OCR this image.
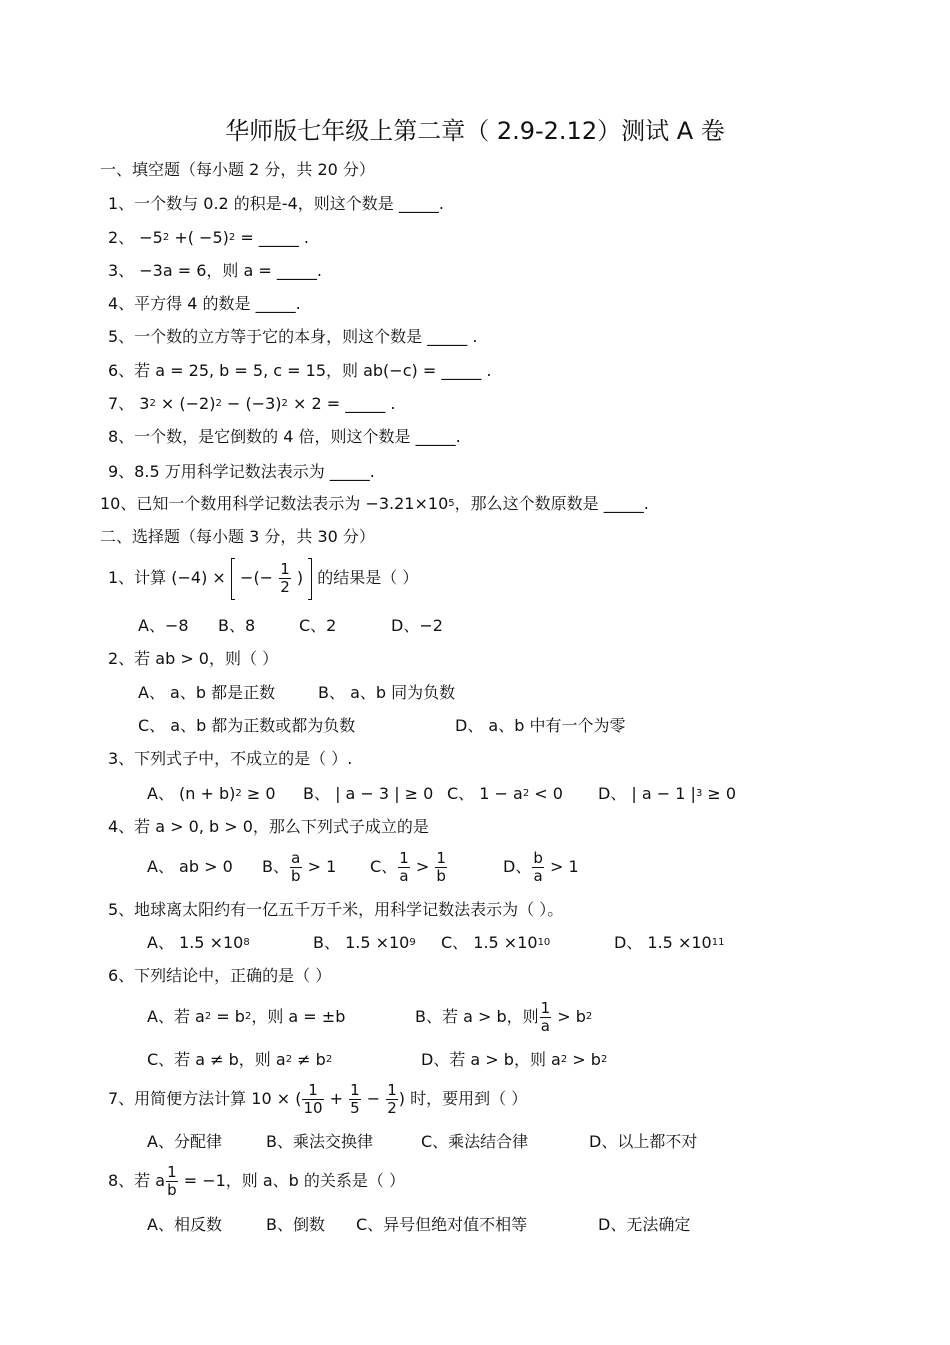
华师版七年级上第二章（ 2.9-2.12）测试 A 卷
一、填空题（每小题 2 分，共 20 分）
1、一个数与 0.2 的积是-4，则这个数是 _____.
2、 $-5^2$ +( −5)$^2$ = _____ .
3、 −3a = 6，则 a = _____.
4、平方得 4 的数是 _____.
5、一个数的立方等于它的本身，则这个数是 _____ .
6、若 a = 25, b = 5, c = 15，则 ab(−c) = _____ .
7、 $3^2 \times (-2)^2 - (-3)^2 \times 2$ = _____ .
8、一个数，是它倒数的 4 倍，则这个数是 _____.
9、8.5 万用科学记数法表示为 _____.
10、已知一个数用科学记数法表示为 $-3.21\times 10^5$，那么这个数原数是 _____.
二、选择题（每小题 3 分，共 30 分）
1、计算 (−4) × −(− $\frac{1}{2}$ ) 的结果是（ ）
A、−8 B、8	C、2	D、−2
2、若 ab > 0，则（ ）
A、 a、b 都是正数	B、 a、b 同为负数
C、 a、b 都为正数或都为负数	D、 a、b 中有一个为零
3、下列式子中，不成立的是（ ）.
A、 $(n + b)^2 \ge 0$ B、 | a − 3 | ≥ 0 C、 $1 - a^2 < 0$ D、 | a − 1 $|^3 \ge 0$
4、若 a > 0, b > 0，那么下列式子成立的是
A、 ab > 0 B、 $\frac{a}{b} > 1$ C、 $\frac{1}{a} > \frac{1}{b}$	D、 $\frac{b}{a} > 1$
5、地球离太阳约有一亿五千万千米，用科学记数法表示为（ ）。
A、 $1.5 \times 10^8$	B、 $1.5 \times 10^9$ C、 $1.5 \times 10^{10}$	D、 $1.5 \times 10^{11}$
6、下列结论中，正确的是（ ）
A、若 $a^2 = b^2$，则 a = ±b	B、若 a > b，则 $\frac{1}{a} > b^2$
C、若 a ≠ b，则 $a^2 \ne b^2$	D、若 a > b，则 $a^2 > b^2$
7、用简便方法计算 10 × ( $\frac{1}{10} + \frac{1}{5} - \frac{1}{2}$ ) 时，要用到（ ）
A、分配律	B、乘法交换律	C、乘法结合律	D、以上都不对
8、若 a $\frac{1}{b} = -1$，则 a、b 的关系是（ ）
A、相反数	B、倒数 C、异号但绝对值不相等	D、无法确定
